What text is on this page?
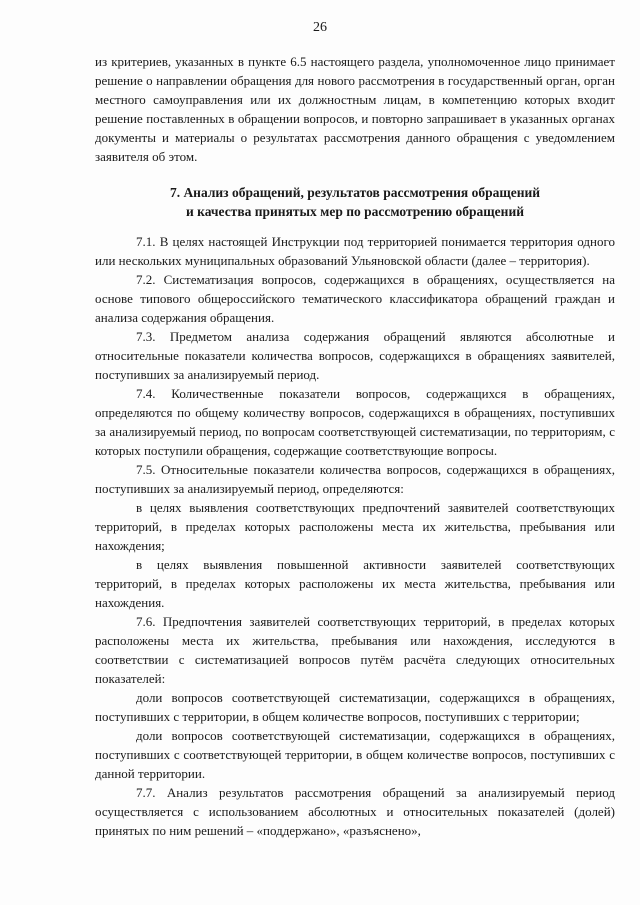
26

из критериев, указанных в пункте 6.5 настоящего раздела, уполномоченное лицо принимает решение о направлении обращения для нового рассмотрения в государственный орган, орган местного самоуправления или их должностным лицам, в компетенцию которых входит решение поставленных в обращении вопросов, и повторно запрашивает в указанных органах документы и материалы о результатах рассмотрения данного обращения с уведомлением заявителя об этом.

7. Анализ обращений, результатов рассмотрения обращений
и качества принятых мер по рассмотрению обращений

7.1. В целях настоящей Инструкции под территорией понимается территория одного или нескольких муниципальных образований Ульяновской области (далее – территория).

7.2. Систематизация вопросов, содержащихся в обращениях, осуществляется на основе типового общероссийского тематического классификатора обращений граждан и анализа содержания обращения.

7.3. Предметом анализа содержания обращений являются абсолютные и относительные показатели количества вопросов, содержащихся в обращениях заявителей, поступивших за анализируемый период.

7.4. Количественные показатели вопросов, содержащихся в обращениях, определяются по общему количеству вопросов, содержащихся в обращениях, поступивших за анализируемый период, по вопросам соответствующей систематизации, по территориям, с которых поступили обращения, содержащие соответствующие вопросы.

7.5. Относительные показатели количества вопросов, содержащихся в обращениях, поступивших за анализируемый период, определяются:

в целях выявления соответствующих предпочтений заявителей соответствующих территорий, в пределах которых расположены места их жительства, пребывания или нахождения;

в целях выявления повышенной активности заявителей соответствующих территорий, в пределах которых расположены их места жительства, пребывания или нахождения.

7.6. Предпочтения заявителей соответствующих территорий, в пределах которых расположены места их жительства, пребывания или нахождения, исследуются в соответствии с систематизацией вопросов путём расчёта следующих относительных показателей:

доли вопросов соответствующей систематизации, содержащихся в обращениях, поступивших с территории, в общем количестве вопросов, поступивших с территории;

доли вопросов соответствующей систематизации, содержащихся в обращениях, поступивших с соответствующей территории, в общем количестве вопросов, поступивших с данной территории.

7.7. Анализ результатов рассмотрения обращений за анализируемый период осуществляется с использованием абсолютных и относительных показателей (долей) принятых по ним решений – «поддержано», «разъяснено»,
